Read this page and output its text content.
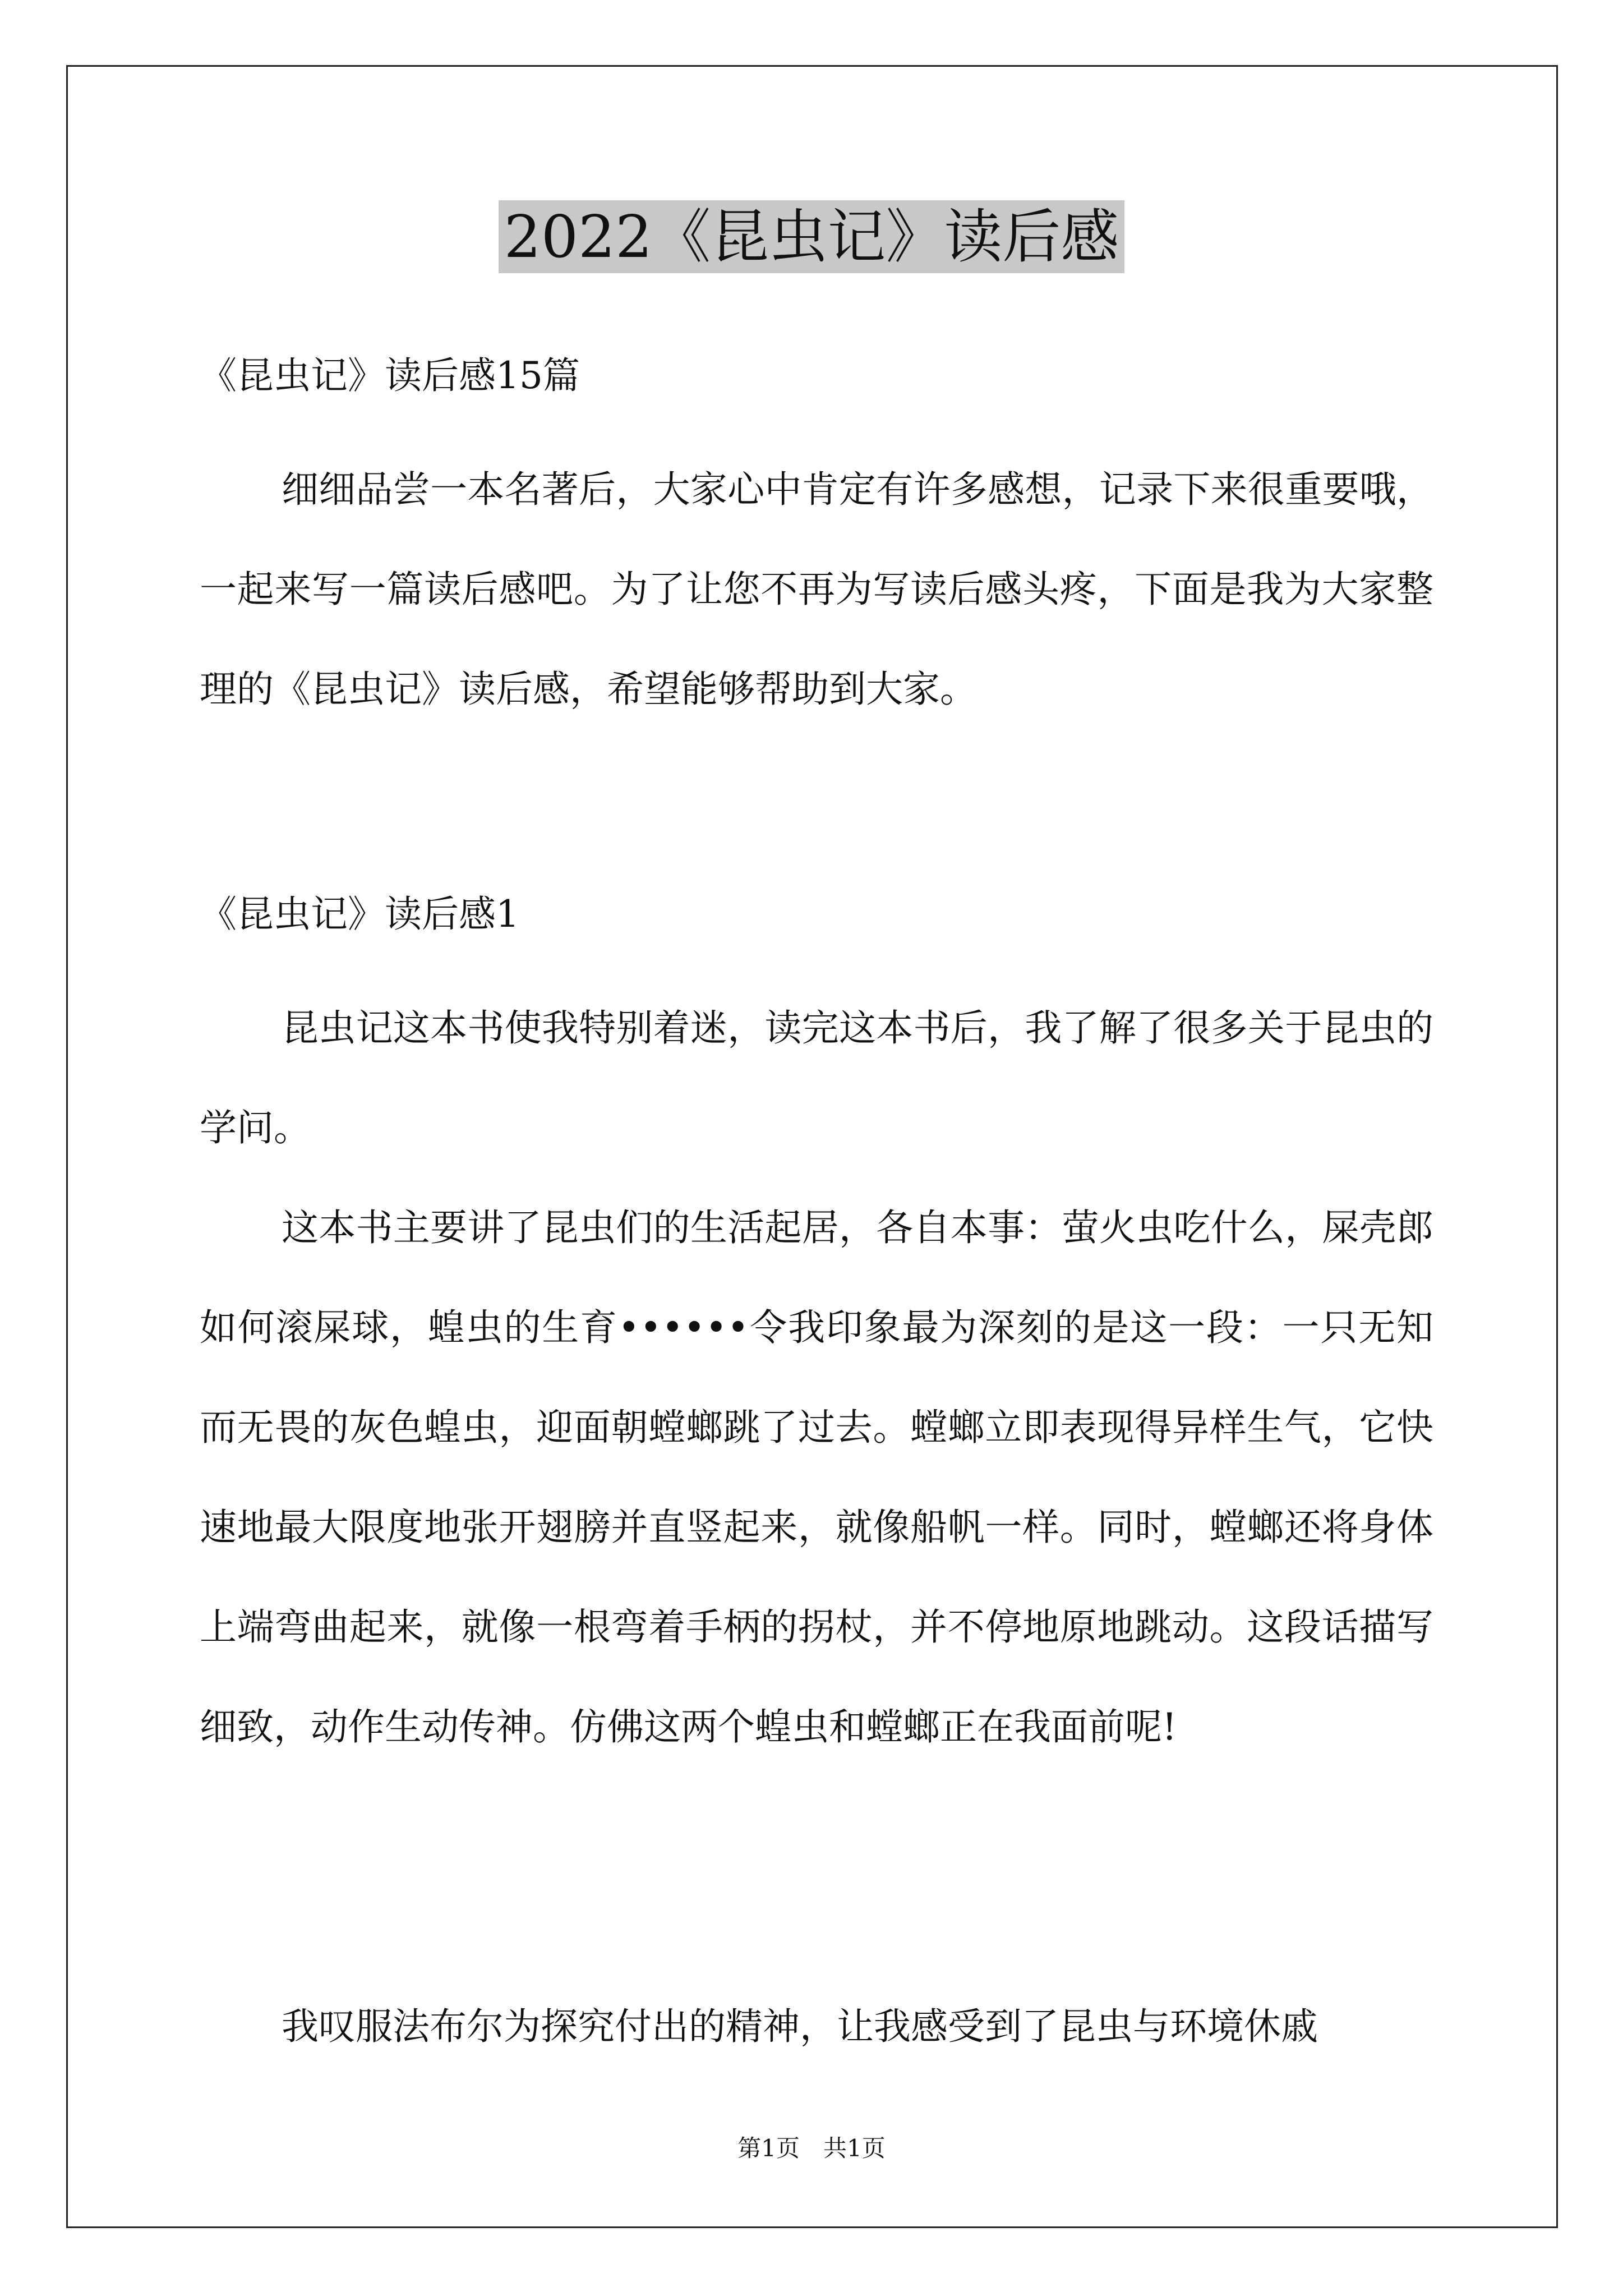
2022《昆虫记》读后感
《昆虫记》读后感15篇

细细品尝一本名著后，大家心中肯定有许多感想，记录下来很重要哦，一起来写一篇读后感吧。为了让您不再为写读后感头疼，下面是我为大家整理的《昆虫记》读后感，希望能够帮助到大家。

《昆虫记》读后感1

昆虫记这本书使我特别着迷，读完这本书后，我了解了很多关于昆虫的学问。

这本书主要讲了昆虫们的生活起居，各自本事：萤火虫吃什么，屎壳郎如何滚屎球，蝗虫的生育••••••令我印象最为深刻的是这一段：一只无知而无畏的灰色蝗虫，迎面朝螳螂跳了过去。螳螂立即表现得异样生气，它快速地最大限度地张开翅膀并直竖起来，就像船帆一样。同时，螳螂还将身体上端弯曲起来，就像一根弯着手柄的拐杖，并不停地原地跳动。这段话描写细致，动作生动传神。仿佛这两个蝗虫和螳螂正在我面前呢!

我叹服法布尔为探究付出的精神，让我感受到了昆虫与环境休戚

第1页　共1页
